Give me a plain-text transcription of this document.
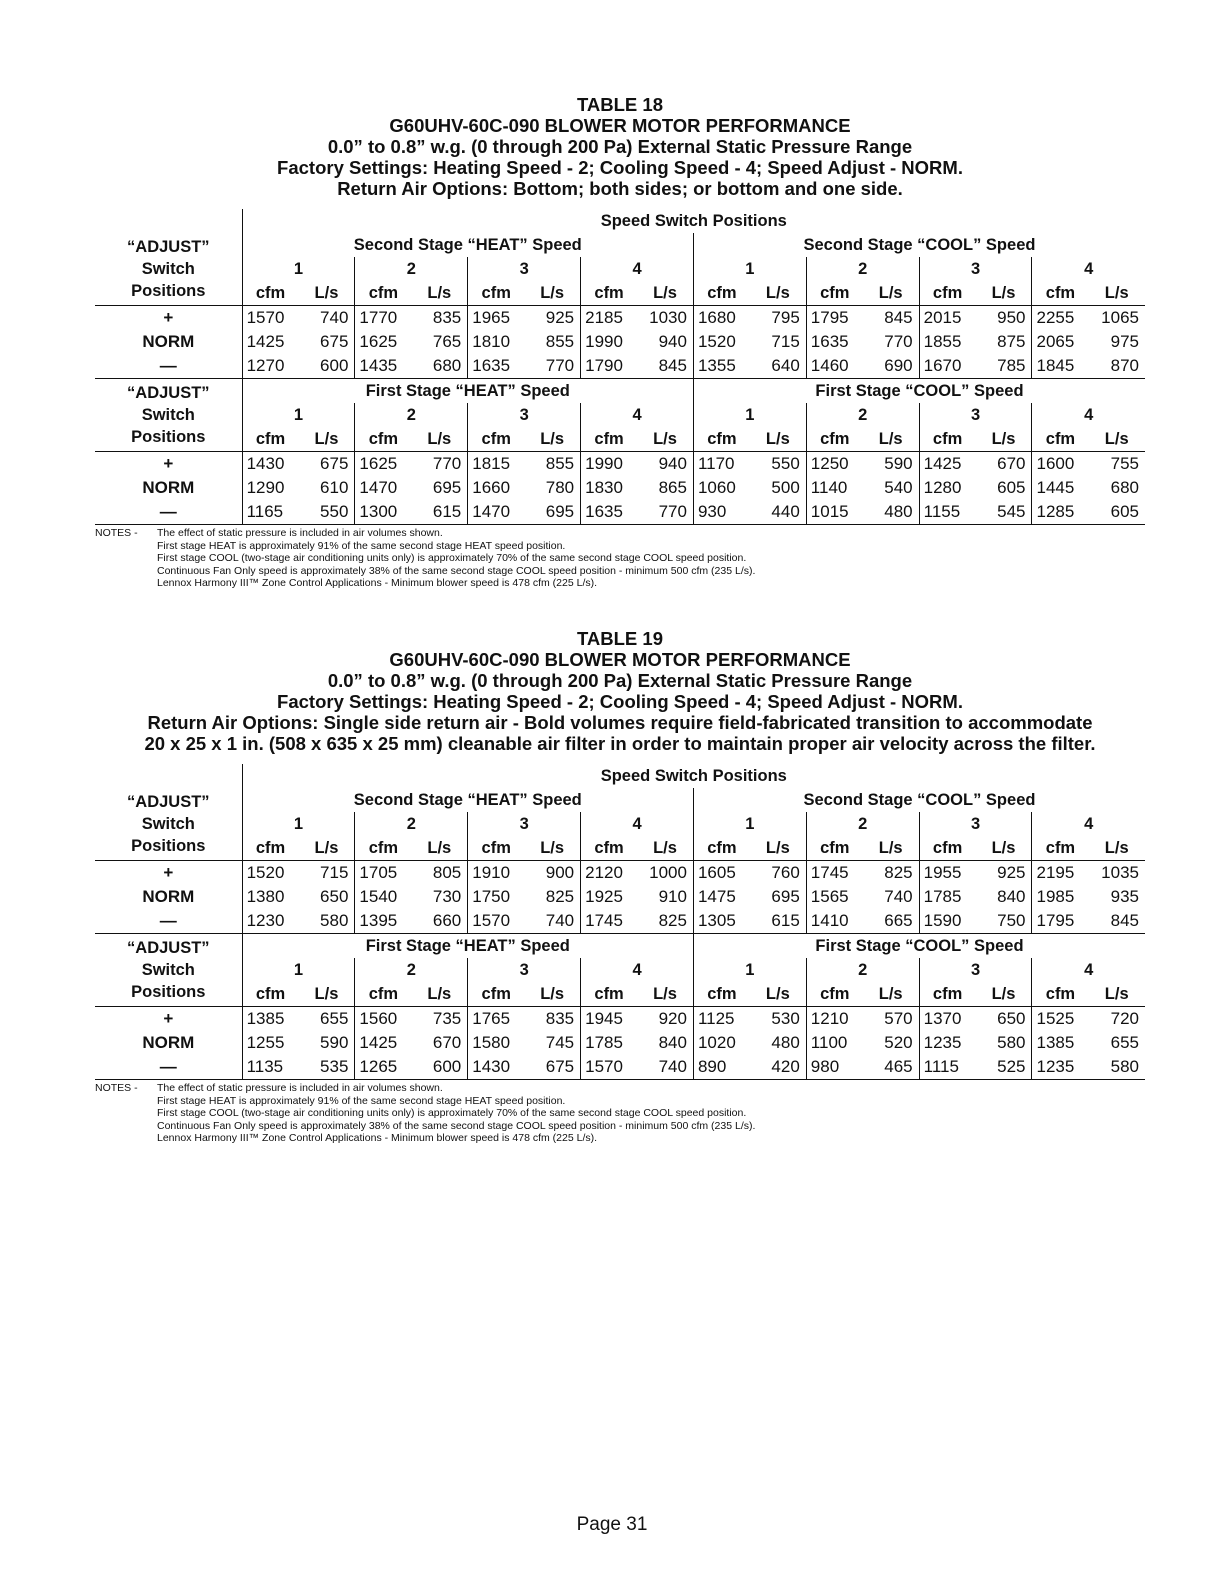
TABLE 18
G60UHV-60C-090 BLOWER MOTOR PERFORMANCE
0.0” to 0.8” w.g. (0 through 200 Pa) External Static Pressure Range
Factory Settings: Heating Speed - 2; Cooling Speed - 4; Speed Adjust - NORM.
Return Air Options: Bottom; both sides; or bottom and one side.
	Speed Switch Positions															

“ADJUST”
Switch
Positions	Second Stage “HEAT” Speed								Second Stage “COOL” Speed							
	1		2		3		4		1		2		3		4	
	cfm	L/s	cfm	L/s	cfm	L/s	cfm	L/s	cfm	L/s	cfm	L/s	cfm	L/s	cfm	L/s
+	1570	740	1770	835	1965	925	2185	1030	1680	795	1795	845	2015	950	2255	1065
NORM	1425	675	1625	765	1810	855	1990	940	1520	715	1635	770	1855	875	2065	975
—	1270	600	1435	680	1635	770	1790	845	1355	640	1460	690	1670	785	1845	870

“ADJUST”
Switch
Positions	First Stage “HEAT” Speed								First Stage “COOL” Speed							
	1		2		3		4		1		2		3		4	
	cfm	L/s	cfm	L/s	cfm	L/s	cfm	L/s	cfm	L/s	cfm	L/s	cfm	L/s	cfm	L/s
+	1430	675	1625	770	1815	855	1990	940	1170	550	1250	590	1425	670	1600	755
NORM	1290	610	1470	695	1660	780	1830	865	1060	500	1140	540	1280	605	1445	680
—	1165	550	1300	615	1470	695	1635	770	930	440	1015	480	1155	545	1285	605
NOTES - The effect of static pressure is included in air volumes shown.
First stage HEAT is approximately 91% of the same second stage HEAT speed position.
First stage COOL (two-stage air conditioning units only) is approximately 70% of the same second stage COOL speed position.
Continuous Fan Only speed is approximately 38% of the same second stage COOL speed position - minimum 500 cfm (235 L/s).
Lennox Harmony III™ Zone Control Applications - Minimum blower speed is 478 cfm (225 L/s).
TABLE 19
G60UHV-60C-090 BLOWER MOTOR PERFORMANCE
0.0” to 0.8” w.g. (0 through 200 Pa) External Static Pressure Range
Factory Settings: Heating Speed - 2; Cooling Speed - 4; Speed Adjust - NORM.
Return Air Options: Single side return air - Bold volumes require field-fabricated transition to accommodate
20 x 25 x 1 in. (508 x 635 x 25 mm) cleanable air filter in order to maintain proper air velocity across the filter.
	Speed Switch Positions															

“ADJUST”
Switch
Positions	Second Stage “HEAT” Speed								Second Stage “COOL” Speed							
	1		2		3		4		1		2		3		4	
	cfm	L/s	cfm	L/s	cfm	L/s	cfm	L/s	cfm	L/s	cfm	L/s	cfm	L/s	cfm	L/s
+	1520	715	1705	805	1910	900	2120	1000	1605	760	1745	825	1955	925	2195	1035
NORM	1380	650	1540	730	1750	825	1925	910	1475	695	1565	740	1785	840	1985	935
—	1230	580	1395	660	1570	740	1745	825	1305	615	1410	665	1590	750	1795	845

“ADJUST”
Switch
Positions	First Stage “HEAT” Speed								First Stage “COOL” Speed							
	1		2		3		4		1		2		3		4	
	cfm	L/s	cfm	L/s	cfm	L/s	cfm	L/s	cfm	L/s	cfm	L/s	cfm	L/s	cfm	L/s
+	1385	655	1560	735	1765	835	1945	920	1125	530	1210	570	1370	650	1525	720
NORM	1255	590	1425	670	1580	745	1785	840	1020	480	1100	520	1235	580	1385	655
—	1135	535	1265	600	1430	675	1570	740	890	420	980	465	1115	525	1235	580
NOTES - The effect of static pressure is included in air volumes shown.
First stage HEAT is approximately 91% of the same second stage HEAT speed position.
First stage COOL (two-stage air conditioning units only) is approximately 70% of the same second stage COOL speed position.
Continuous Fan Only speed is approximately 38% of the same second stage COOL speed position - minimum 500 cfm (235 L/s).
Lennox Harmony III™ Zone Control Applications - Minimum blower speed is 478 cfm (225 L/s).
Page 31
